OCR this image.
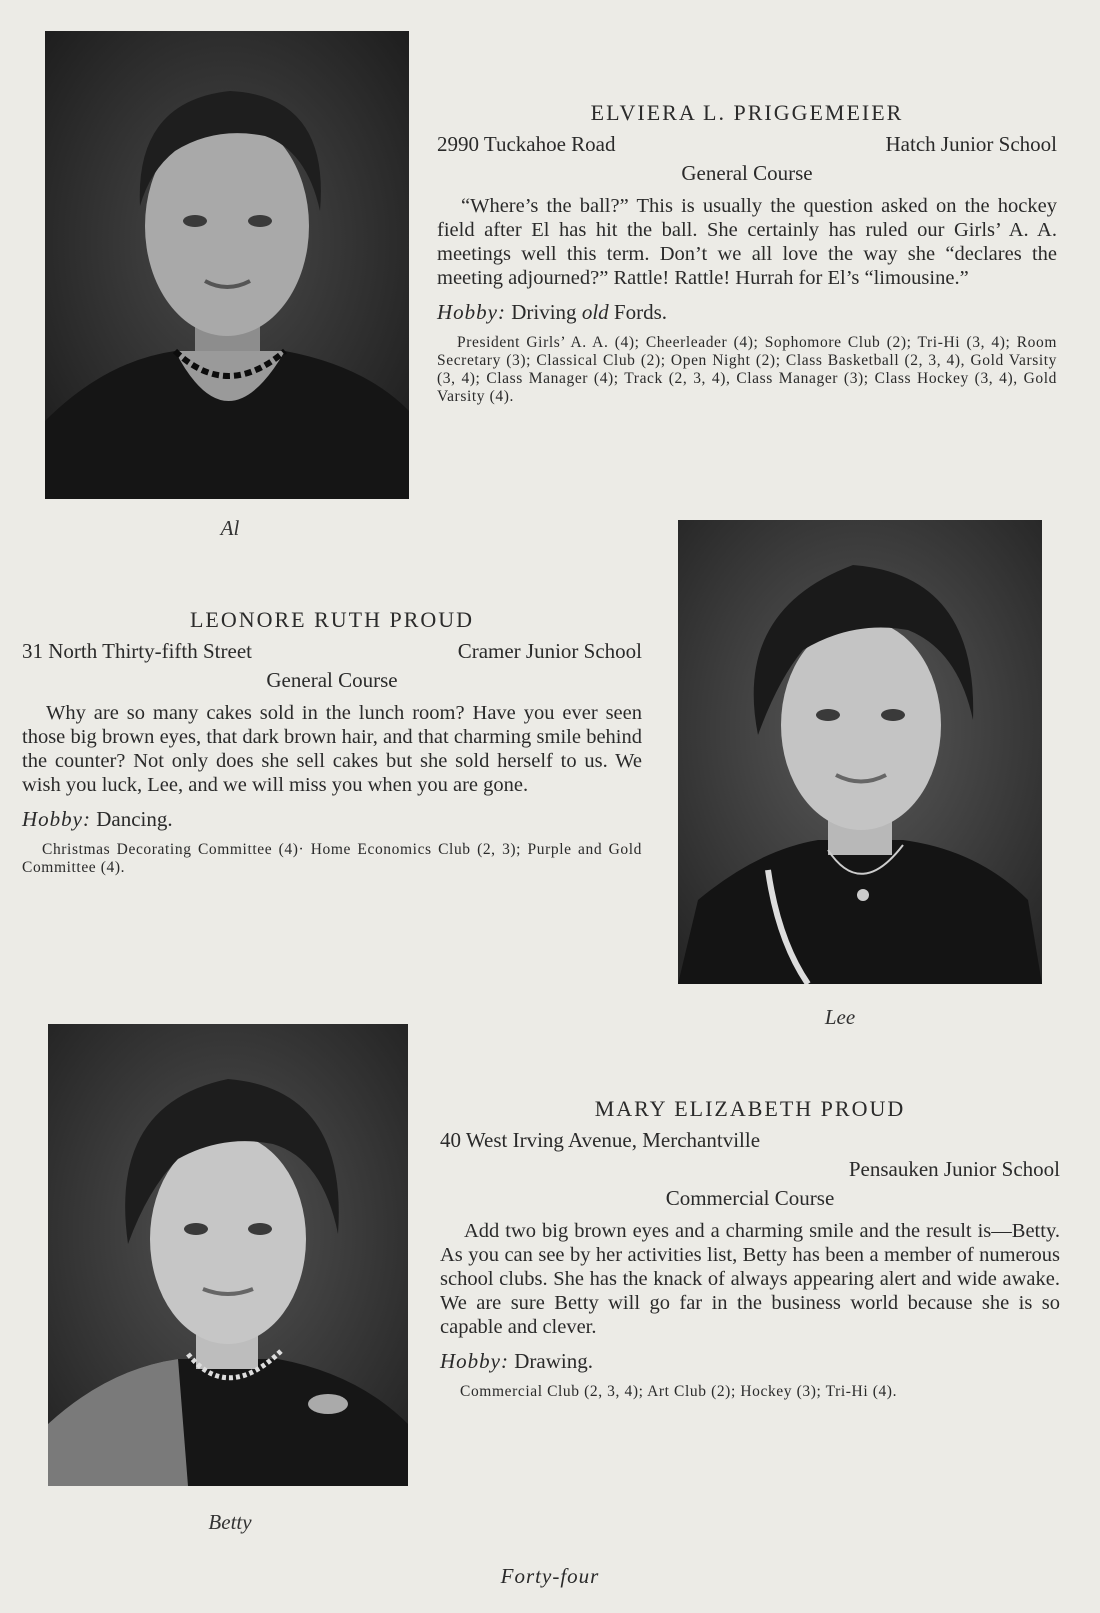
Al
ELVIERA L. PRIGGEMEIER
2990 Tuckahoe Road	Hatch Junior School
General Course

“Where’s the ball?” This is usually the question asked on the hockey field after El has hit the ball. She certainly has ruled our Girls’ A. A. meetings well this term. Don’t we all love the way she “declares the meeting adjourned?” Rattle! Rattle! Hurrah for El’s “limousine.”

Hobby: Driving old Fords.
President Girls’ A. A. (4); Cheerleader (4); Sophomore Club (2); Tri-Hi (3, 4); Room Secretary (3); Classical Club (2); Open Night (2); Class Basketball (2, 3, 4), Gold Varsity (3, 4); Class Manager (4); Track (2, 3, 4), Class Manager (3); Class Hockey (3, 4), Gold Varsity (4).
Lee
LEONORE RUTH PROUD
31 North Thirty-fifth Street	Cramer Junior School
General Course

Why are so many cakes sold in the lunch room? Have you ever seen those big brown eyes, that dark brown hair, and that charming smile behind the counter? Not only does she sell cakes but she sold herself to us. We wish you luck, Lee, and we will miss you when you are gone.

Hobby: Dancing.
Christmas Decorating Committee (4)· Home Economics Club (2, 3); Purple and Gold Committee (4).
Betty
MARY ELIZABETH PROUD
40 West Irving Avenue, Merchantville
Pensauken Junior School
Commercial Course

Add two big brown eyes and a charming smile and the result is—Betty. As you can see by her activities list, Betty has been a member of numerous school clubs. She has the knack of always appearing alert and wide awake. We are sure Betty will go far in the business world because she is so capable and clever.

Hobby: Drawing.
Commercial Club (2, 3, 4); Art Club (2); Hockey (3); Tri-Hi (4).
Forty-four
